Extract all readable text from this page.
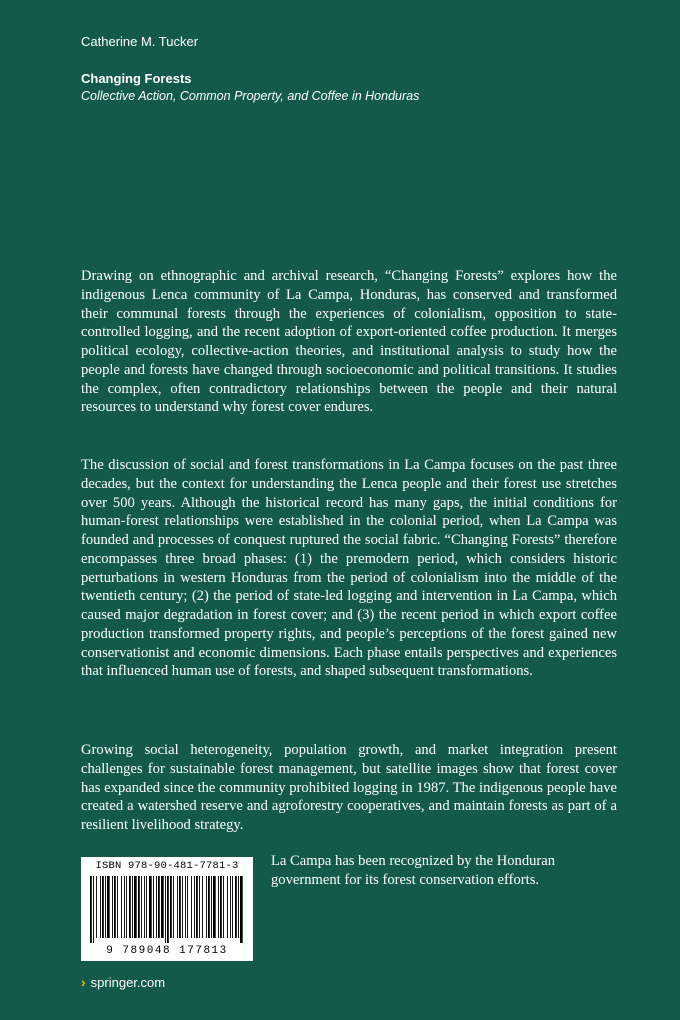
Catherine M. Tucker
Changing Forests
Collective Action, Common Property, and Coffee in Honduras

Drawing on ethnographic and archival research, “Changing Forests” explores how the indigenous Lenca community of La Campa, Honduras, has conserved and transformed their communal forests through the experiences of colonialism, opposition to state-controlled logging, and the recent adoption of export-oriented coffee production. It merges political ecology, collective-action theories, and institutional analysis to study how the people and forests have changed through socioeconomic and political transitions. It studies the complex, often contradictory relationships between the people and their natural resources to understand why forest cover endures.

The discussion of social and forest transformations in La Campa focuses on the past three decades, but the context for understanding the Lenca people and their forest use stretches over 500 years. Although the historical record has many gaps, the initial conditions for human-forest relationships were established in the colonial period, when La Campa was founded and processes of conquest ruptured the social fabric. “Changing Forests” therefore encompasses three broad phases: (1) the premodern period, which considers historic perturbations in western Honduras from the period of colonialism into the middle of the twentieth century; (2) the period of state-led logging and intervention in La Campa, which caused major degradation in forest cover; and (3) the recent period in which export coffee production transformed property rights, and people’s perceptions of the forest gained new conservationist and economic dimensions. Each phase entails perspectives and experiences that influenced human use of forests, and shaped subsequent transformations.

Growing social heterogeneity, population growth, and market integration present challenges for sustainable forest management, but satellite images show that forest cover has expanded since the community prohibited logging in 1987. The indigenous people have created a watershed reserve and agroforestry cooperatives, and maintain forests as part of a resilient livelihood strategy.

ISBN 978-90-481-7781-3
9 789048 177813

La Campa has been recognized by the Honduran government for its forest conservation efforts.

› springer.com
